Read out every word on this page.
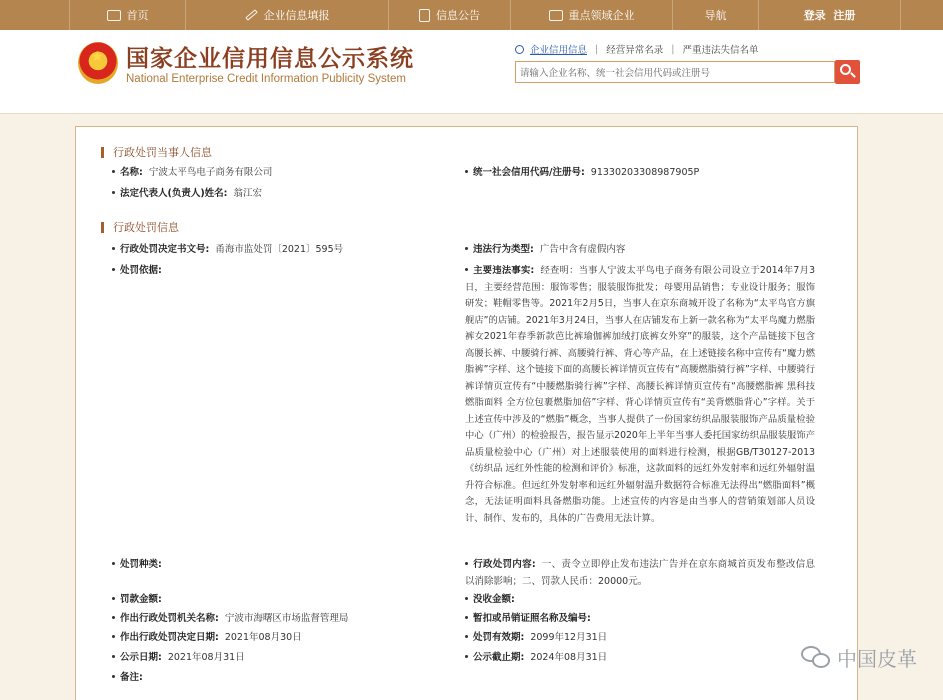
首页	企业信息填报	信息公告	重点领域企业	导航	登录
注册
★ 国家企业信用信息公示系统
National Enterprise Credit Information Publicity System
企业信用信息 | 经营异常名录 | 严重违法失信名单
请输入企业名称、统一社会信用代码或注册号
行政处罚当事人信息
名称: 宁波太平鸟电子商务有限公司	统一社会信用代码/注册号: 91330203308987905P
法定代表人(负责人)姓名: 翁江宏
行政处罚信息
行政处罚决定书文号: 甬海市监处罚〔2021〕595号	违法行为类型: 广告中含有虚假内容
处罚依据:	主要违法事实: 经查明：当事人宁波太平鸟电子商务有限公司设立于2014年7月3日，主要经营范围：服饰零售；服装服饰批发；母婴用品销售；专业设计服务；服饰研发；鞋帽零售等。2021年2月5日，当事人在京东商城开设了名称为“太平鸟官方旗舰店”的店铺。2021年3月24日，当事人在店铺发布上新一款名称为“太平鸟魔力燃脂裤女2021年春季新款芭比裤瑜伽裤加绒打底裤女外穿”的服装，这个产品链接下包含高腰长裤、中腰骑行裤、高腰骑行裤、背心等产品，在上述链接名称中宣传有“魔力燃脂裤”字样、这个链接下面的高腰长裤详情页宣传有“高腰燃脂骑行裤”字样、中腰骑行裤详情页宣传有“中腰燃脂骑行裤”字样、高腰长裤详情页宣传有“高腰燃脂裤 黑科技燃脂面料 全方位包裹燃脂加倍”字样、背心详情页宣传有“美背燃脂背心”字样。关于上述宣传中涉及的“燃脂”概念，当事人提供了一份国家纺织品服装服饰产品质量检验中心（广州）的检验报告，报告显示2020年上半年当事人委托国家纺织品服装服饰产品质量检验中心（广州）对上述服装使用的面料进行检测，根据GB/T30127-2013《纺织品 远红外性能的检测和评价》标准，这款面料的远红外发射率和远红外辐射温升符合标准。但远红外发射率和远红外辐射温升数据符合标准无法得出“燃脂面料”概念，无法证明面料具备燃脂功能。上述宣传的内容是由当事人的营销策划部人员设计、制作、发布的，具体的广告费用无法计算。
处罚种类:	行政处罚内容: 一、责令立即停止发布违法广告并在京东商城首页发布整改信息以消除影响；二、罚款人民币：20000元。
罚款金额:	没收金额:
作出行政处罚机关名称: 宁波市海曙区市场监督管理局	暂扣或吊销证照名称及编号:
作出行政处罚决定日期: 2021年08月30日	处罚有效期: 2099年12月31日
公示日期: 2021年08月31日	公示截止期: 2024年08月31日
备注:
中国皮革
